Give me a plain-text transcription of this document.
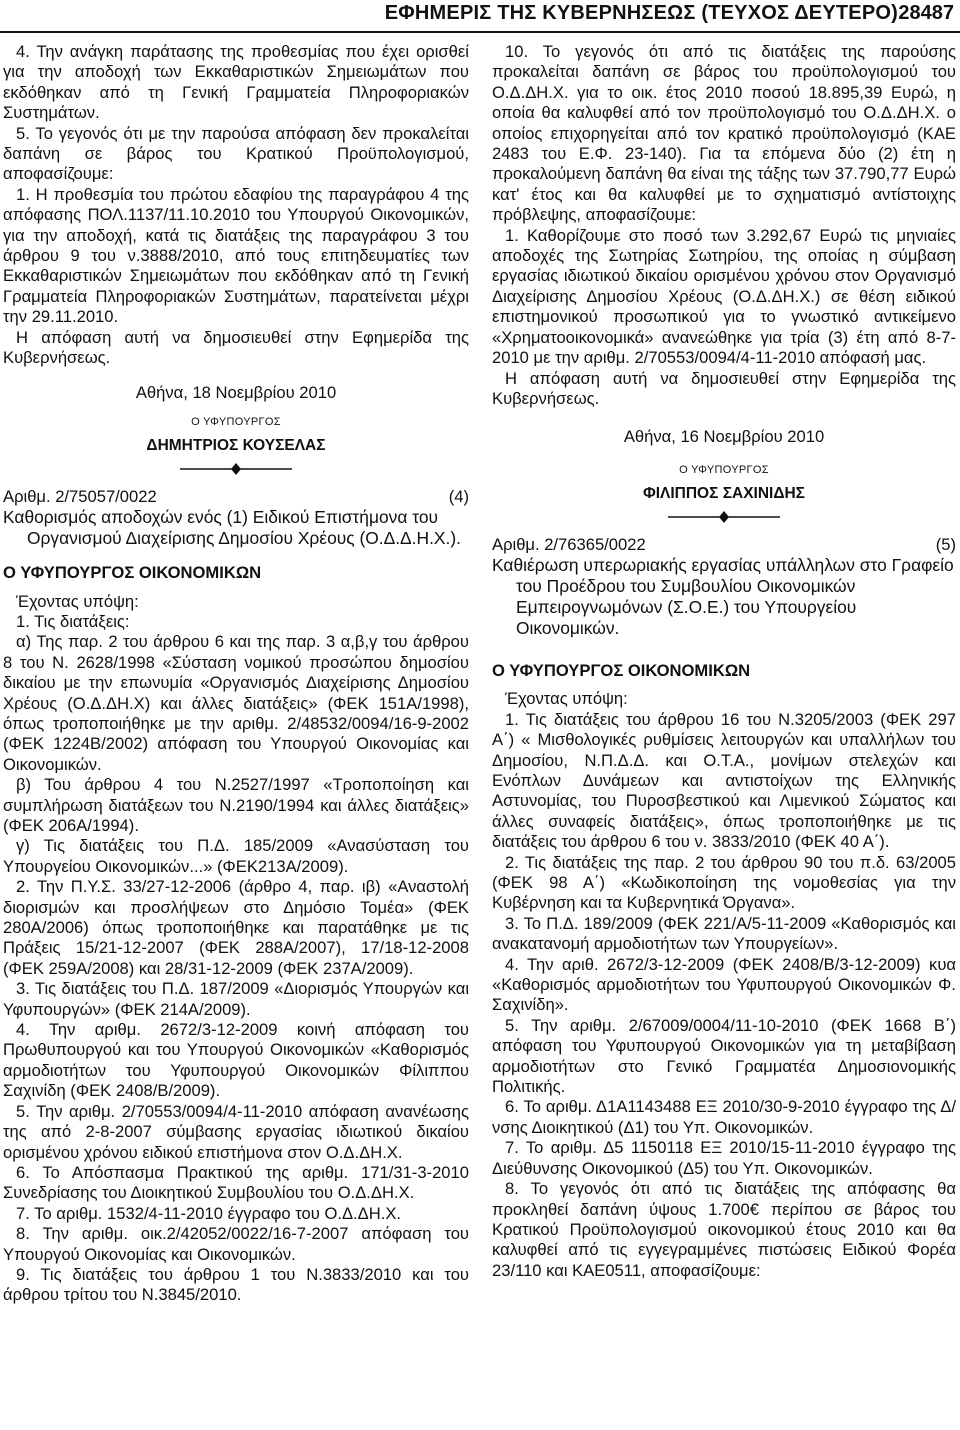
ΕΦΗΜΕΡΙΣ ΤΗΣ ΚΥΒΕΡΝΗΣΕΩΣ (ΤΕΥΧΟΣ ΔΕΥΤΕΡΟ) 28487

4. Την ανάγκη παράτασης της προθεσμίας που έχει ορισθεί για την αποδοχή των Εκκαθαριστικών Σημειωμάτων που εκδόθηκαν από τη Γενική Γραμματεία Πληροφοριακών Συστημάτων.

5. Το γεγονός ότι με την παρούσα απόφαση δεν προκαλείται δαπάνη σε βάρος του Κρατικού Προϋπολογισμού, αποφασίζουμε:

1. Η προθεσμία του πρώτου εδαφίου της παραγράφου 4 της απόφασης ΠΟΛ.1137/11.10.2010 του Υπουργού Οικονομικών, για την αποδοχή, κατά τις διατάξεις της παραγράφου 3 του άρθρου 9 του ν.3888/2010, από τους επιτηδευματίες των Εκκαθαριστικών Σημειωμάτων που εκδόθηκαν από τη Γενική Γραμματεία Πληροφοριακών Συστημάτων, παρατείνεται μέχρι την 29.11.2010.

Η απόφαση αυτή να δημοσιευθεί στην Εφημερίδα της Κυβερνήσεως.

Αθήνα, 18 Νοεμβρίου 2010

Ο ΥΦΥΠΟΥΡΓΟΣ

ΔΗΜΗΤΡΙΟΣ ΚΟΥΣΕΛΑΣ

Αριθμ. 2/75057/0022	(4)

Καθορισμός αποδοχών ενός (1) Ειδικού Επιστήμονα του Οργανισμού Διαχείρισης Δημοσίου Χρέους (Ο.Δ.Δ.Η.Χ.).

Ο ΥΦΥΠΟΥΡΓΟΣ ΟΙΚΟΝΟΜΙΚΩΝ

Έχοντας υπόψη:

1. Τις διατάξεις:

α) Της παρ. 2 του άρθρου 6 και της παρ. 3 α,β,γ του άρθρου 8 του Ν. 2628/1998 «Σύσταση νομικού προσώπου δημοσίου δικαίου με την επωνυμία «Οργανισμός Διαχείρισης Δημοσίου Χρέους (Ο.Δ.ΔΗ.Χ) και άλλες διατάξεις» (ΦΕΚ 151Α/1998), όπως τροποποιήθηκε με την αριθμ. 2/48532/0094/16-9-2002 (ΦΕΚ 1224Β/2002) απόφαση του Υπουργού Οικονομίας και Οικονομικών.

β) Του άρθρου 4 του Ν.2527/1997 «Τροποποίηση και συμπλήρωση διατάξεων του Ν.2190/1994 και άλλες διατάξεις» (ΦΕΚ 206Α/1994).

γ) Τις διατάξεις του Π.Δ. 185/2009 «Ανασύσταση του Υπουργείου Οικονομικών...» (ΦΕΚ213Α/2009).

2. Την Π.Υ.Σ. 33/27-12-2006 (άρθρο 4, παρ. ιβ) «Αναστολή διορισμών και προσλήψεων στο Δημόσιο Τομέα» (ΦΕΚ 280Α/2006) όπως τροποποιήθηκε και παρατάθηκε με τις Πράξεις 15/21-12-2007 (ΦΕΚ 288Α/2007), 17/18-12-2008 (ΦΕΚ 259Α/2008) και 28/31-12-2009 (ΦΕΚ 237Α/2009).

3. Τις διατάξεις του Π.Δ. 187/2009 «Διορισμός Υπουργών και Υφυπουργών» (ΦΕΚ 214Α/2009).

4. Την αριθμ. 2672/3-12-2009 κοινή απόφαση του Πρωθυπουργού και του Υπουργού Οικονομικών «Καθορισμός αρμοδιοτήτων του Υφυπουργού Οικονομικών Φίλιππου Σαχινίδη (ΦΕΚ 2408/Β/2009).

5. Την αριθμ. 2/70553/0094/4-11-2010 απόφαση ανανέωσης της από 2-8-2007 σύμβασης εργασίας ιδιωτικού δικαίου ορισμένου χρόνου ειδικού επιστήμονα στον Ο.Δ.ΔΗ.Χ.

6. Το Απόσπασμα Πρακτικού της αριθμ. 171/31-3-2010 Συνεδρίασης του Διοικητικού Συμβουλίου του Ο.Δ.ΔΗ.Χ.

7. Το αριθμ. 1532/4-11-2010 έγγραφο του Ο.Δ.ΔΗ.Χ.

8. Την αριθμ. οικ.2/42052/0022/16-7-2007 απόφαση του Υπουργού Οικονομίας και Οικονομικών.

9. Τις διατάξεις του άρθρου 1 του Ν.3833/2010 και του άρθρου τρίτου του Ν.3845/2010.

10. Το γεγονός ότι από τις διατάξεις της παρούσης προκαλείται δαπάνη σε βάρος του προϋπολογισμού του Ο.Δ.ΔΗ.Χ. για το οικ. έτος 2010 ποσού 18.895,39 Ευρώ, η οποία θα καλυφθεί από τον προϋπολογισμό του Ο.Δ.ΔΗ.Χ. ο οποίος επιχορηγείται από τον κρατικό προϋπολογισμό (ΚΑΕ 2483 του Ε.Φ. 23-140). Για τα επόμενα δύο (2) έτη η προκαλούμενη δαπάνη θα είναι της τάξης των 37.790,77 Ευρώ κατ' έτος και θα καλυφθεί με το σχηματισμό αντίστοιχης πρόβλεψης, αποφασίζουμε:

1. Καθορίζουμε στο ποσό των 3.292,67 Ευρώ τις μηνιαίες αποδοχές της Σωτηρίας Σωτηρίου, της οποίας η σύμβαση εργασίας ιδιωτικού δικαίου ορισμένου χρόνου στον Οργανισμό Διαχείρισης Δημοσίου Χρέους (Ο.Δ.ΔΗ.Χ.) σε θέση ειδικού επιστημονικού προσωπικού για το γνωστικό αντικείμενο «Χρηματοοικονομικά» ανανεώθηκε για τρία (3) έτη από 8-7-2010 με την αριθμ. 2/70553/0094/4-11-2010 απόφασή μας.

Η απόφαση αυτή να δημοσιευθεί στην Εφημερίδα της Κυβερνήσεως.

Αθήνα, 16 Νοεμβρίου 2010

Ο ΥΦΥΠΟΥΡΓΟΣ

ΦΙΛΙΠΠΟΣ ΣΑΧΙΝΙΔΗΣ

Αριθμ. 2/76365/0022	(5)

Καθιέρωση υπερωριακής εργασίας υπάλληλων στο Γραφείο του Προέδρου του Συμβουλίου Οικονομικών Εμπειρογνωμόνων (Σ.Ο.Ε.) του Υπουργείου Οικονομικών.

Ο ΥΦΥΠΟΥΡΓΟΣ ΟΙΚΟΝΟΜΙΚΩΝ

Έχοντας υπόψη:

1. Τις διατάξεις του άρθρου 16 του Ν.3205/2003 (ΦΕΚ 297 Α΄) « Μισθολογικές ρυθμίσεις λειτουργών και υπαλλήλων του Δημοσίου, Ν.Π.Δ.Δ. και Ο.Τ.Α., μονίμων στελεχών και Ενόπλων Δυνάμεων και αντιστοίχων της Ελληνικής Αστυνομίας, του Πυροσβεστικού και Λιμενικού Σώματος και άλλες συναφείς διατάξεις», όπως τροποποιήθηκε με τις διατάξεις του άρθρου 6 του ν. 3833/2010 (ΦΕΚ 40 Α΄).

2. Τις διατάξεις της παρ. 2 του άρθρου 90 του π.δ. 63/2005 (ΦΕΚ 98 Α΄) «Κωδικοποίηση της νομοθεσίας για την Κυβέρνηση και τα Κυβερνητικά Όργανα».

3. Το Π.Δ. 189/2009 (ΦΕΚ 221/Α/5-11-2009 «Καθορισμός και ανακατανομή αρμοδιοτήτων των Υπουργείων».

4. Την αριθ. 2672/3-12-2009 (ΦΕΚ 2408/Β/3-12-2009) κυα «Καθορισμός αρμοδιοτήτων του Υφυπουργού Οικονομικών Φ. Σαχινίδη».

5. Την αριθμ. 2/67009/0004/11-10-2010 (ΦΕΚ 1668 Β΄) απόφαση του Υφυπουργού Οικονομικών για τη μεταβίβαση αρμοδιοτήτων στο Γενικό Γραμματέα Δημοσιονομικής Πολιτικής.

6. Το αριθμ. Δ1Α1143488 ΕΞ 2010/30-9-2010 έγγραφο της Δ/νσης Διοικητικού (Δ1) του Υπ. Οικονομικών.

7. Το αριθμ. Δ5 1150118 ΕΞ 2010/15-11-2010 έγγραφο της Διεύθυνσης Οικονομικού (Δ5) του Υπ. Οικονομικών.

8. Το γεγονός ότι από τις διατάξεις της απόφασης θα προκληθεί δαπάνη ύψους 1.700€ περίπου σε βάρος του Κρατικού Προϋπολογισμού οικονομικού έτους 2010 και θα καλυφθεί από τις εγγεγραμμένες πιστώσεις Ειδικού Φορέα 23/110 και ΚΑΕ0511, αποφασίζουμε:
